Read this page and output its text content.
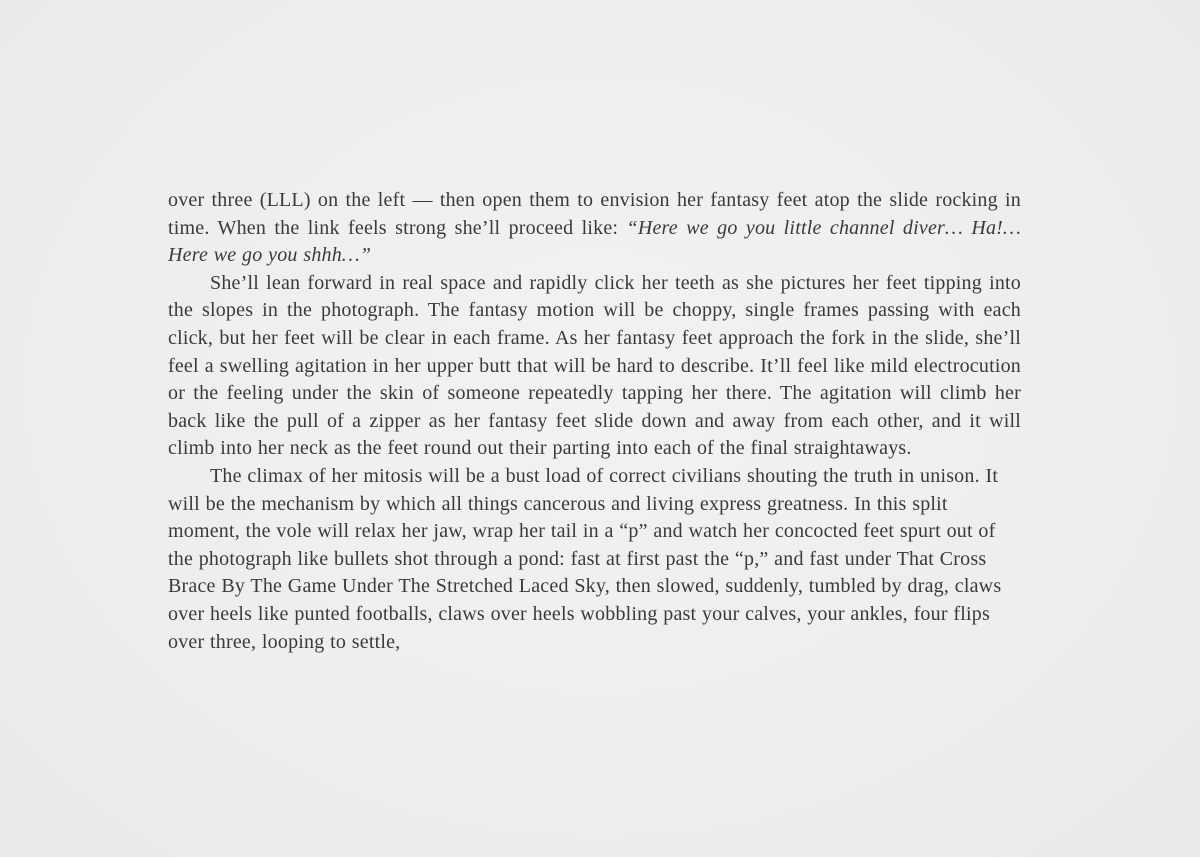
over three (LLL) on the left — then open them to envision her fantasy feet atop the slide rocking in time. When the link feels strong she’ll proceed like: “Here we go you little channel diver… Ha!… Here we go you shhh…”

She’ll lean forward in real space and rapidly click her teeth as she pictures her feet tipping into the slopes in the photograph. The fantasy motion will be choppy, single frames passing with each click, but her feet will be clear in each frame. As her fantasy feet approach the fork in the slide, she’ll feel a swelling agitation in her upper butt that will be hard to describe. It’ll feel like mild electrocution or the feeling under the skin of someone repeatedly tapping her there. The agitation will climb her back like the pull of a zipper as her fantasy feet slide down and away from each other, and it will climb into her neck as the feet round out their parting into each of the final straightaways.

The climax of her mitosis will be a bust load of correct civilians shouting the truth in unison. It will be the mechanism by which all things cancerous and living express greatness. In this split moment, the vole will relax her jaw, wrap her tail in a “p” and watch her concocted feet spurt out of the photograph like bullets shot through a pond: fast at first past the “p,” and fast under That Cross Brace By The Game Under The Stretched Laced Sky, then slowed, suddenly, tumbled by drag, claws over heels like punted footballs, claws over heels wobbling past your calves, your ankles, four flips over three, looping to settle,
